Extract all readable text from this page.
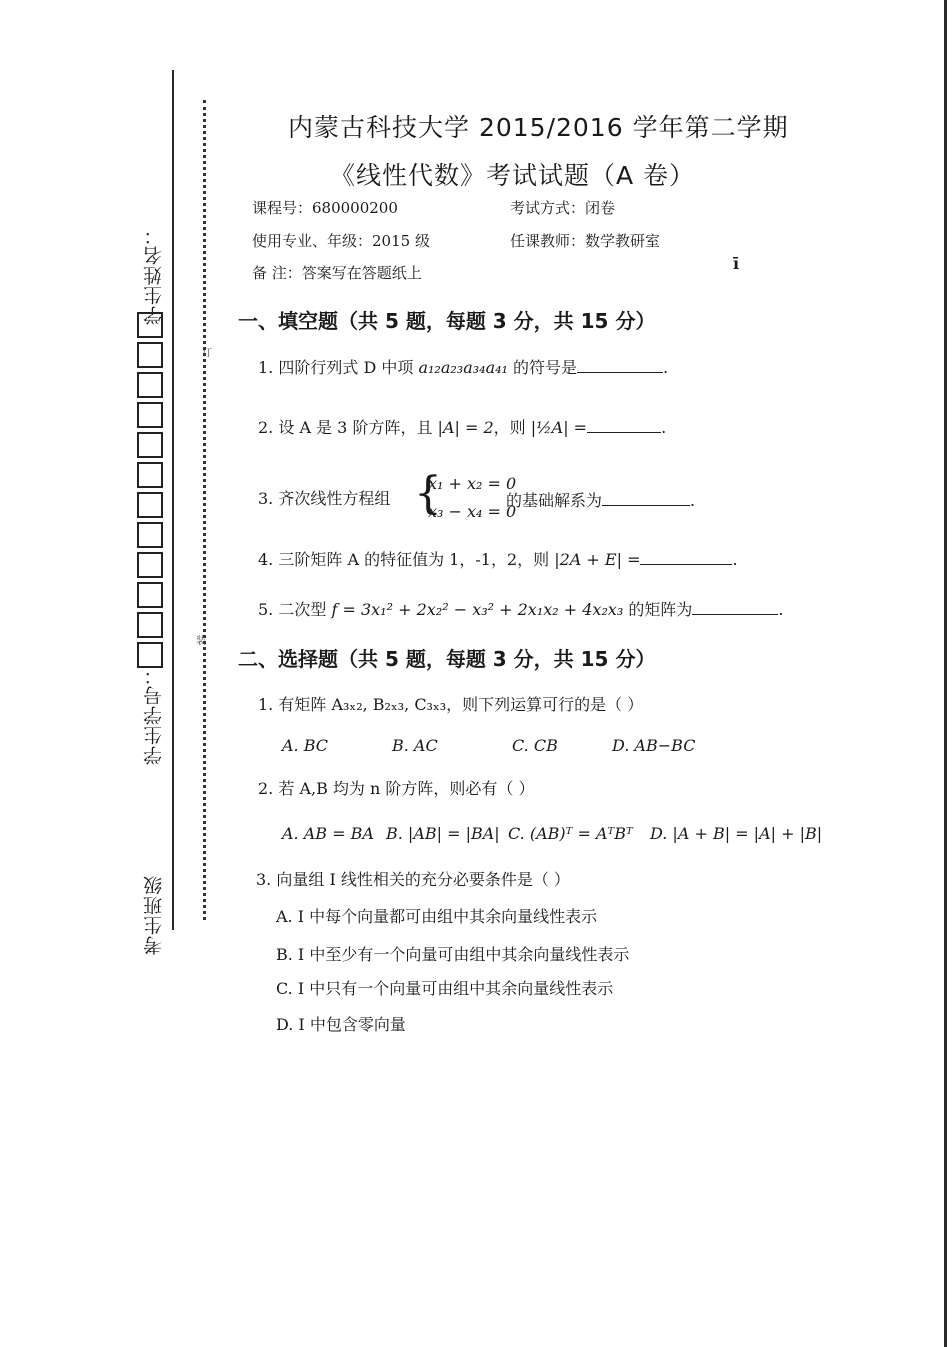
学生姓名：
学生学号：
考生班级
订
装
内蒙古科技大学 2015/2016 学年第二学期
《线性代数》考试试题（A 卷）
课程号：680000200	考试方式：闭卷
使用专业、年级：2015 级	任课教师：数学教研室
备 注：答案写在答题纸上
一、填空题（共 5 题，每题 3 分，共 15 分）
1. 四阶行列式 D 中项 a₁₂a₂₃a₃₄a₄₁ 的符号是	.
2. 设 A 是 3 阶方阵，且 |A| = 2，则 |½A| =	.
3. 齐次线性方程组 {
x₁ + x₂ = 0
x₃ − x₄ = 0
的基础解系为	.
4. 三阶矩阵 A 的特征值为 1，-1，2，则 |2A + E| =	.
5. 二次型 f = 3x₁² + 2x₂² − x₃² + 2x₁x₂ + 4x₂x₃ 的矩阵为	.
二、选择题（共 5 题，每题 3 分，共 15 分）
1. 有矩阵 A₃ₓ₂, B₂ₓ₃, C₃ₓ₃，则下列运算可行的是（ ）
A. BC	B. AC	C. CB	D. AB−BC
2. 若 A,B 均为 n 阶方阵，则必有（ ）
A. AB = BA B. |AB| = |BA| C. (AB)ᵀ = AᵀBᵀ D. |A + B| = |A| + |B|
3. 向量组 I 线性相关的充分必要条件是（ ）
A. I 中每个向量都可由组中其余向量线性表示
B. I 中至少有一个向量可由组中其余向量线性表示
C. I 中只有一个向量可由组中其余向量线性表示
D. I 中包含零向量
ī
